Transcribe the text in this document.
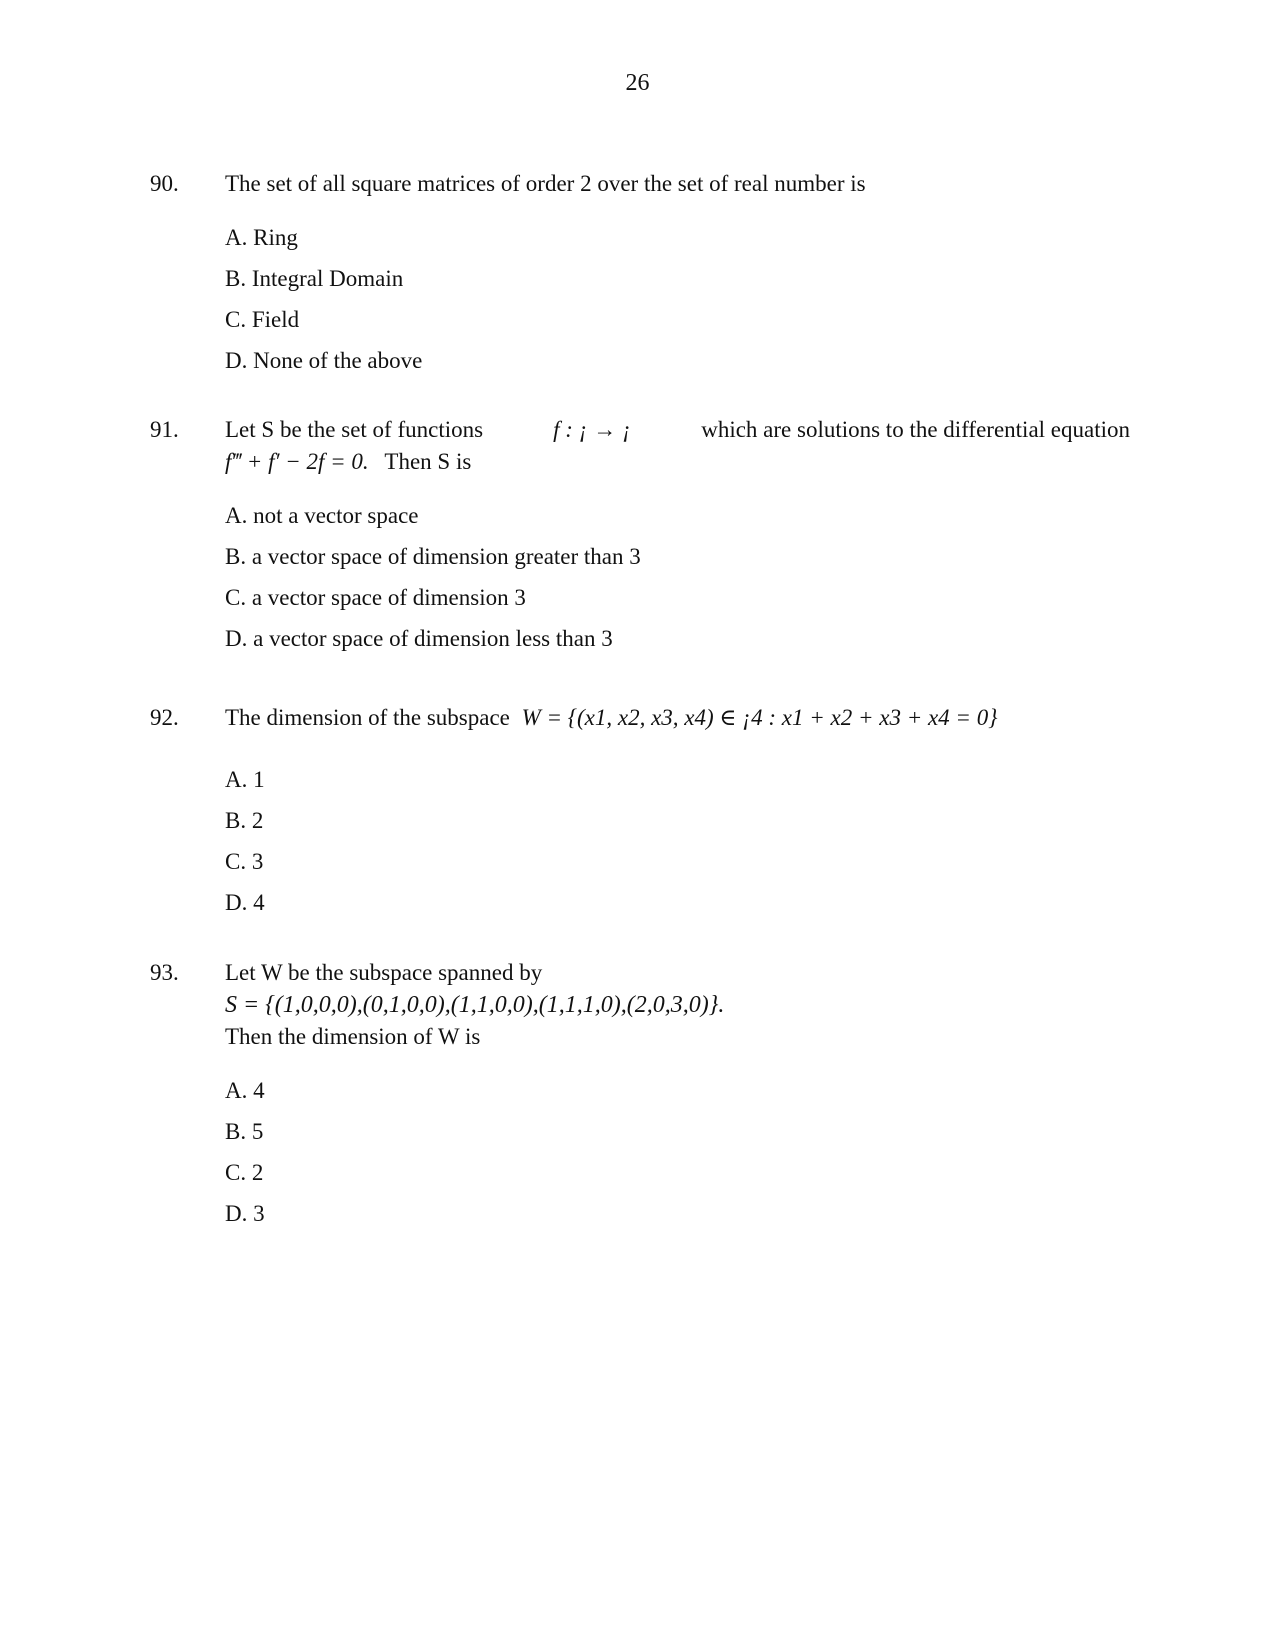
26
90. The set of all square matrices of order 2 over the set of real number is
A. Ring
B. Integral Domain
C. Field
D. None of the above
91. Let S be the set of functions	f : ¡ → ¡	which are solutions to the differential equation
f‴ + f′ − 2f = 0. Then S is
A. not a vector space
B. a vector space of dimension greater than 3
C. a vector space of dimension 3
D. a vector space of dimension less than 3
92. The dimension of the subspace W = {(x1, x2, x3, x4) ∈ ¡4 : x1 + x2 + x3 + x4 = 0}
A. 1
B. 2
C. 3
D. 4
93. Let W be the subspace spanned by
S = {(1,0,0,0),(0,1,0,0),(1,1,0,0),(1,1,1,0),(2,0,3,0)}.
Then the dimension of W is
A. 4
B. 5
C. 2
D. 3
